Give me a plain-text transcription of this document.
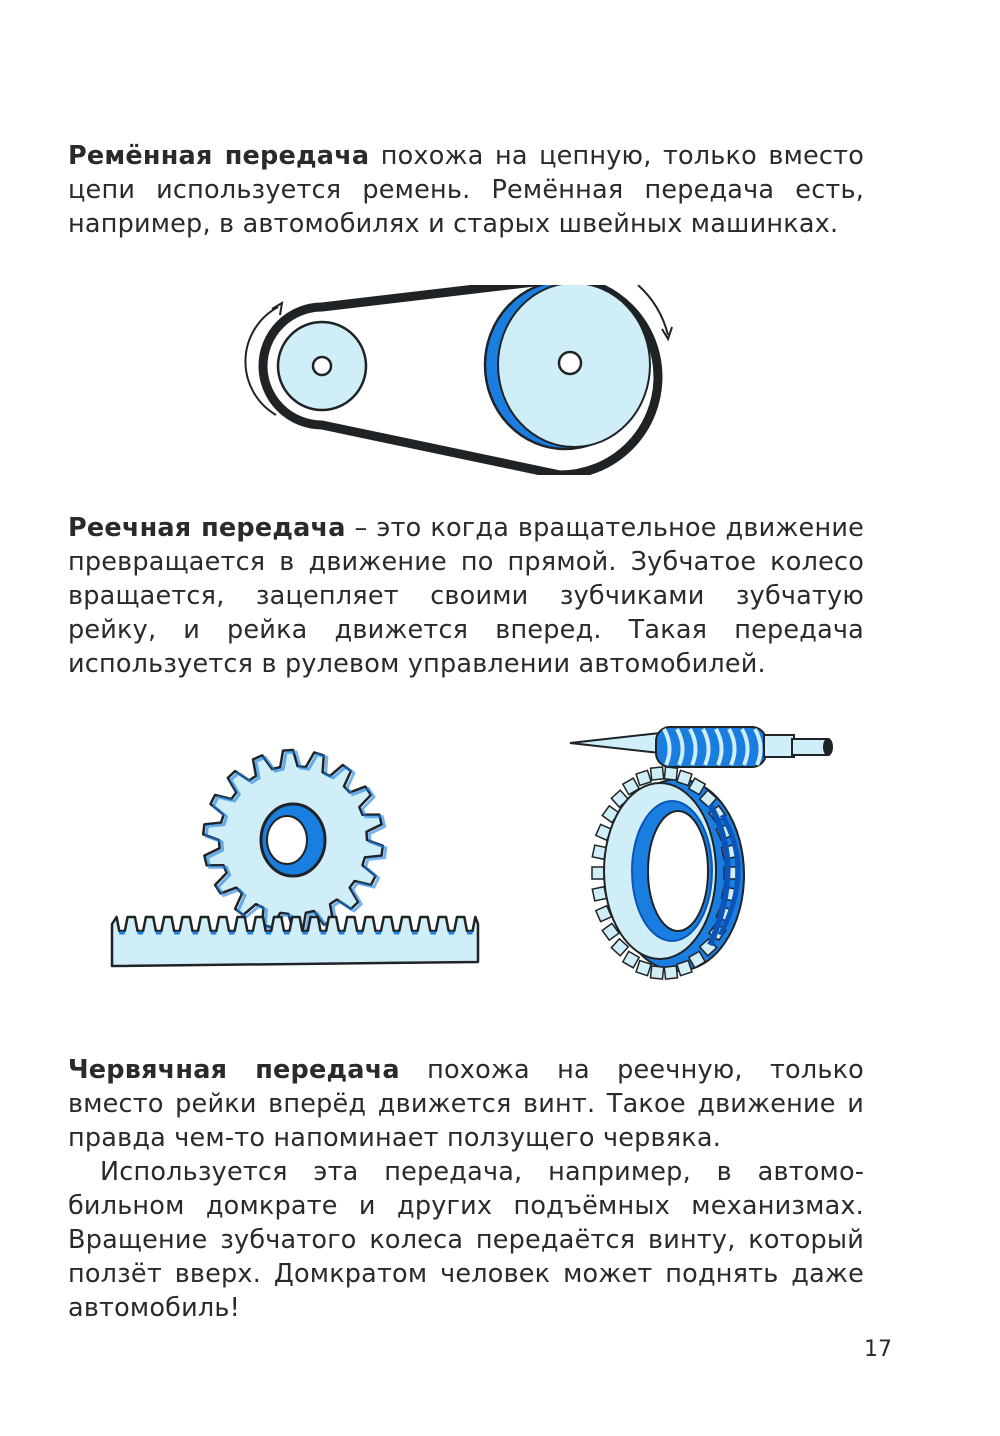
Ремённая передача похожа на цепную, только вместо цепи используется ремень. Ремённая передача есть, например, в автомобилях и старых швейных машинках.

Реечная передача – это когда вращательное движение превращается в движение по прямой. Зубчатое колесо вращается, зацепляет своими зубчиками зубчатую рейку, и рейка движется вперед. Такая передача используется в рулевом управлении автомобилей.

Червячная передача похожа на реечную, только вместо рейки вперёд движется винт. Такое движение и правда чем-то напоминает ползущего червяка.

Используется эта передача, например, в автомобильном домкрате и других подъёмных механизмах. Вращение зубчатого колеса передаётся винту, который ползёт вверх. Домкратом человек может поднять даже автомобиль!

17
